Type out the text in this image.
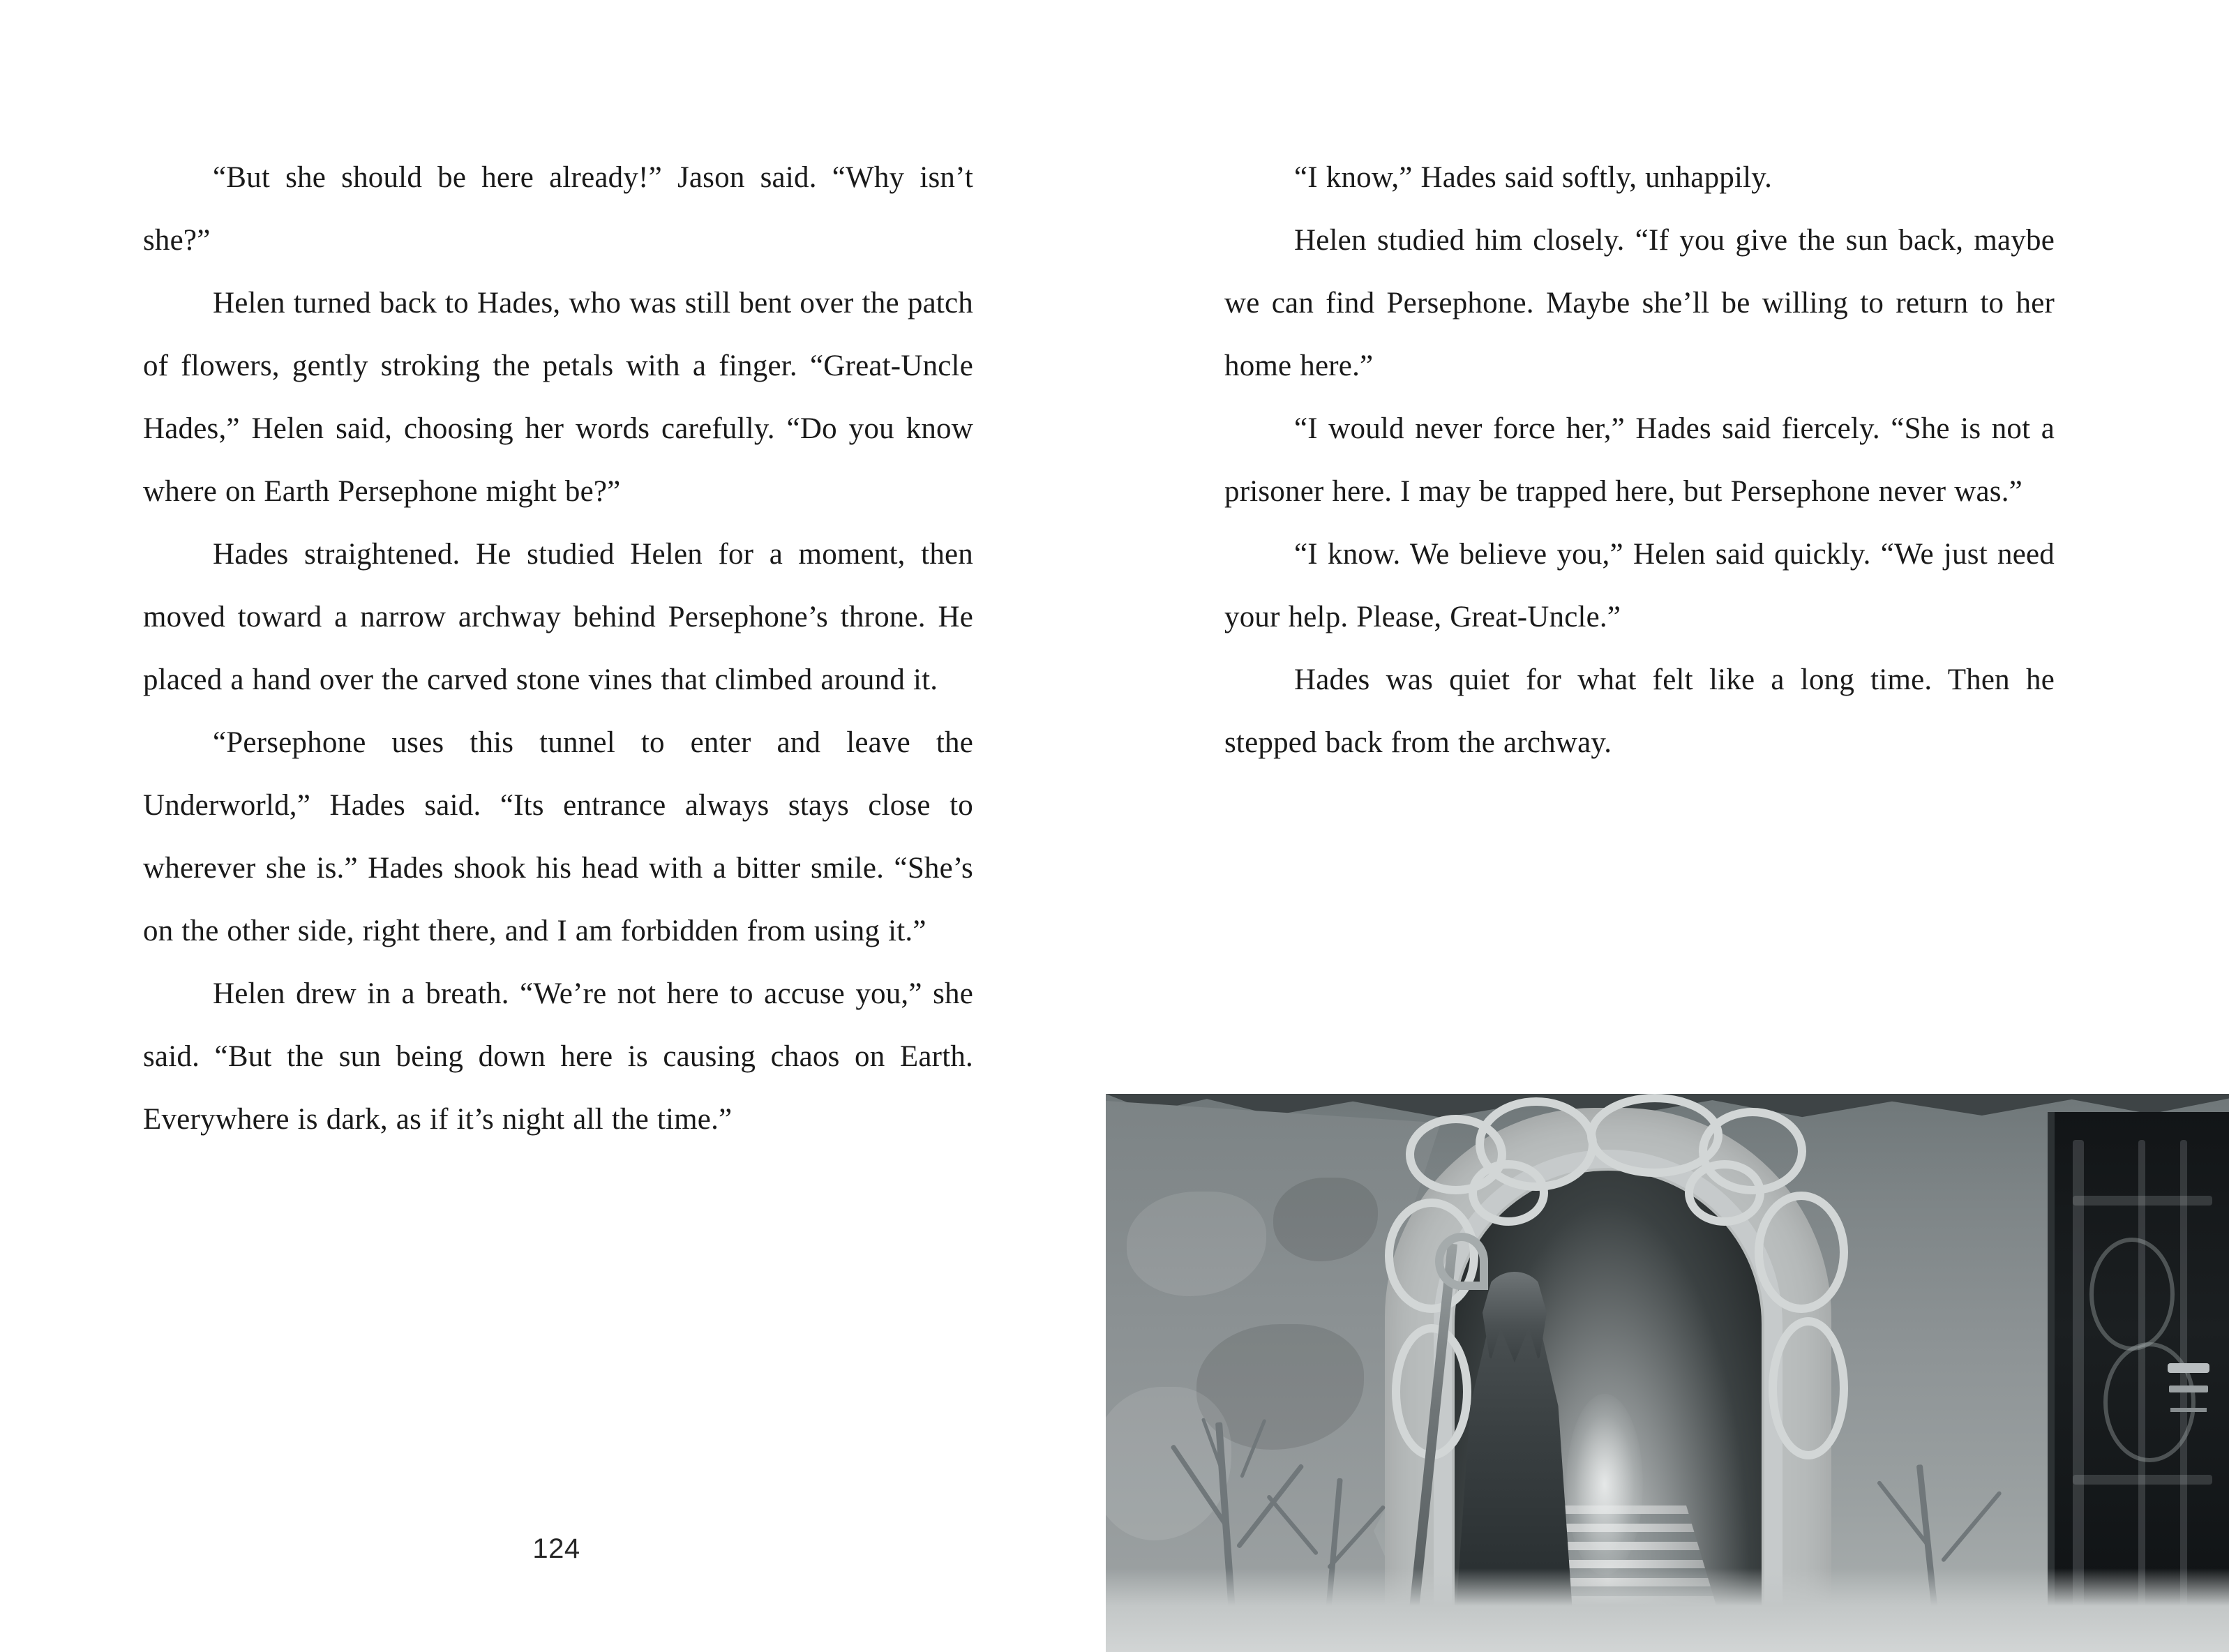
“But she should be here already!” Jason said. “Why isn’t she?”

Helen turned back to Hades, who was still bent over the patch of flowers, gently stroking the petals with a finger. “Great-Uncle Hades,” Helen said, choosing her words carefully. “Do you know where on Earth Persephone might be?”

Hades straightened. He studied Helen for a moment, then moved toward a narrow archway behind Persephone’s throne. He placed a hand over the carved stone vines that climbed around it.

“Persephone uses this tunnel to enter and leave the Underworld,” Hades said. “Its entrance always stays close to wherever she is.” Hades shook his head with a bitter smile. “She’s on the other side, right there, and I am forbidden from using it.”

Helen drew in a breath. “We’re not here to accuse you,” she said. “But the sun being down here is causing chaos on Earth. Everywhere is dark, as if it’s night all the time.”

124

“I know,” Hades said softly, unhappily.

Helen studied him closely. “If you give the sun back, maybe we can find Persephone. Maybe she’ll be willing to return to her home here.”

“I would never force her,” Hades said fiercely. “She is not a prisoner here. I may be trapped here, but Persephone never was.”

“I know. We believe you,” Helen said quickly. “We just need your help. Please, Great-Uncle.”

Hades was quiet for what felt like a long time. Then he stepped back from the archway.
